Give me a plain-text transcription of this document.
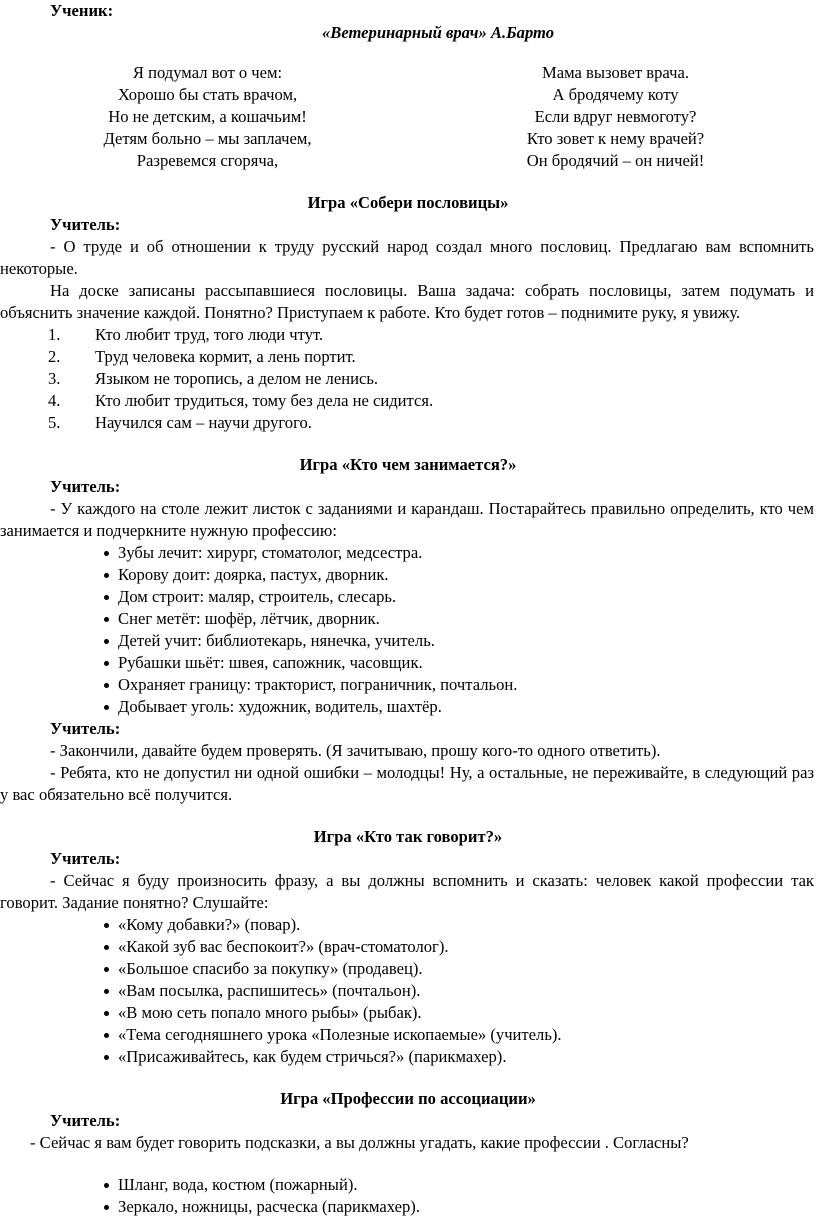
Ученик:
«Ветеринарный врач» А.Барто
Я подумал вот о чем:
Хорошо бы стать врачом,
Но не детским, а кошачьим!
Детям больно – мы заплачем,
Разревемся сгоряча,
Мама вызовет врача.
А бродячему коту
Если вдруг невмоготу?
Кто зовет к нему врачей?
Он бродячий – он ничей!
Игра «Собери пословицы»
Учитель:

- О труде и об отношении к труду русский народ создал много пословиц. Предлагаю вам вспомнить некоторые.

На доске записаны рассыпавшиеся пословицы. Ваша задача: собрать пословицы, затем подумать и объяснить значение каждой. Понятно? Приступаем к работе. Кто будет готов – поднимите руку, я увижу.

1. Кто любит труд, того люди чтут.
2. Труд человека кормит, а лень портит.
3. Языком не торопись, а делом не ленись.
4. Кто любит трудиться, тому без дела не сидится.
5. Научился сам – научи другого.
Игра «Кто чем занимается?»
Учитель:

- У каждого на столе лежит листок с заданиями и карандаш. Постарайтесь правильно определить, кто чем занимается и подчеркните нужную профессию:

Зубы лечит: хирург, стоматолог, медсестра.
Корову доит: доярка, пастух, дворник.
Дом строит: маляр, строитель, слесарь.
Снег метёт: шофёр, лётчик, дворник.
Детей учит: библиотекарь, нянечка, учитель.
Рубашки шьёт: швея, сапожник, часовщик.
Охраняет границу: тракторист, пограничник, почтальон.
Добывает уголь: художник, водитель, шахтёр.
Учитель:

- Закончили, давайте будем проверять. (Я зачитываю, прошу кого-то одного ответить).

- Ребята, кто не допустил ни одной ошибки – молодцы! Ну, а остальные, не переживайте, в следующий раз у вас обязательно всё получится.

Игра «Кто так говорит?»
Учитель:

- Сейчас я буду произносить фразу, а вы должны вспомнить и сказать: человек какой профессии так говорит. Задание понятно? Слушайте:

«Кому добавки?» (повар).
«Какой зуб вас беспокоит?» (врач-стоматолог).
«Большое спасибо за покупку» (продавец).
«Вам посылка, распишитесь» (почтальон).
«В мою сеть попало много рыбы» (рыбак).
«Тема сегодняшнего урока «Полезные ископаемые» (учитель).
«Присаживайтесь, как будем стричься?» (парикмахер).
Игра «Профессии по ассоциации»
Учитель:

- Сейчас я вам будет говорить подсказки, а вы должны угадать, какие профессии . Согласны?

Шланг, вода, костюм (пожарный).
Зеркало, ножницы, расческа (парикмахер).
